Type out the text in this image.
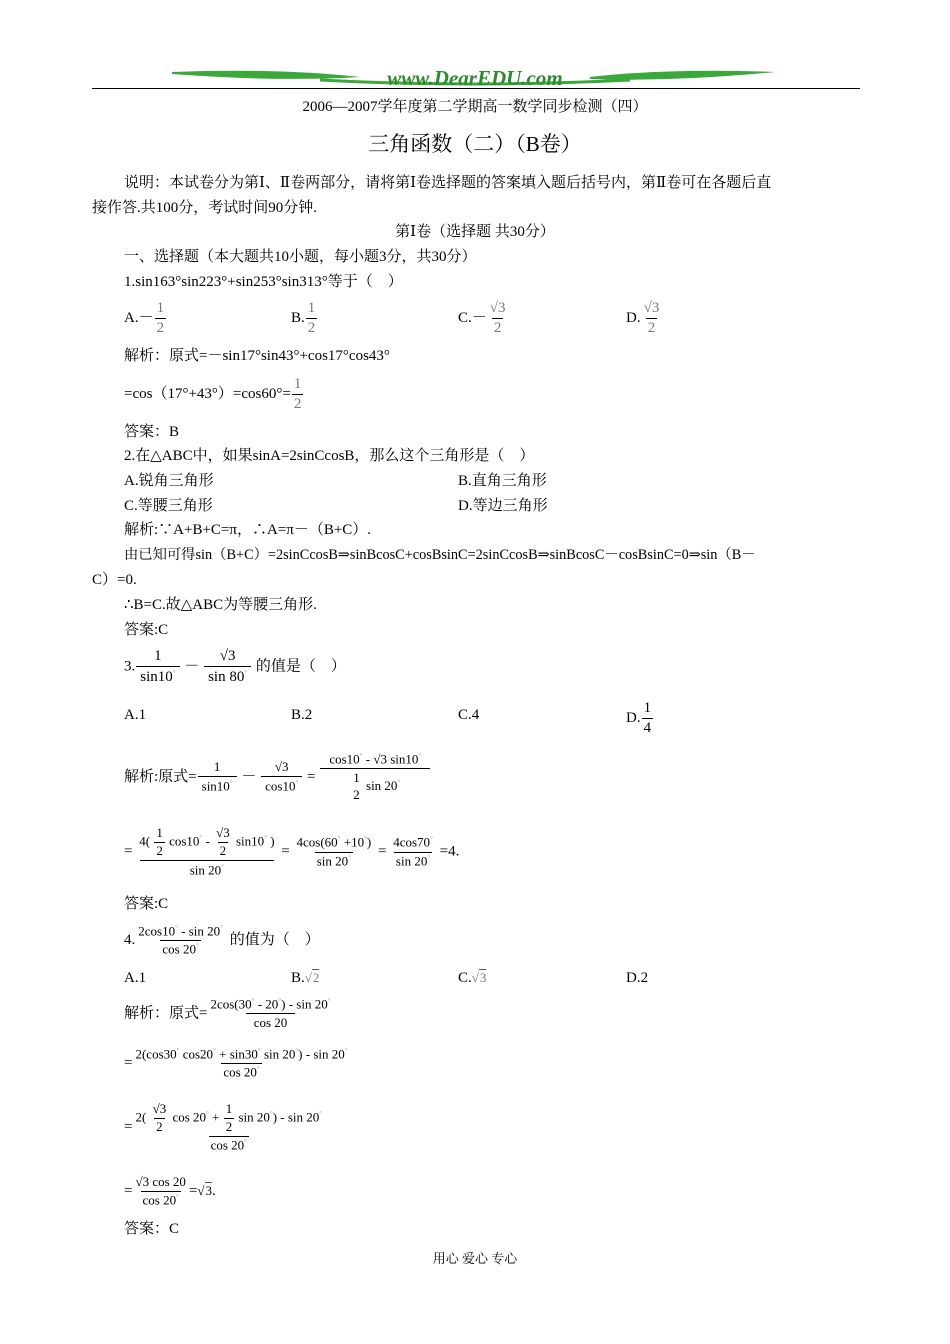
www.DearEDU.com
2006—2007学年度第二学期高一数学同步检测（四）
三角函数（二）（B卷）
说明：本试卷分为第Ⅰ、Ⅱ卷两部分，请将第Ⅰ卷选择题的答案填入题后括号内，第Ⅱ卷可在各题后直
接作答.共100分，考试时间90分钟.
第Ⅰ卷（选择题 共30分）
一、选择题（本大题共10小题，每小题3分，共30分）
1.sin163°sin223°+sin253°sin313°等于（　）
$A.- \frac{1}{2}$	B. $\frac{1}{2}$	$C.- \frac{√3}{2}$	D. $\frac{√3}{2}$
解析：原式=－sin17°sin43°+cos17°cos43°
$=\cos(17^\circ+43^\circ)=\cos 60^\circ= \frac{1}{2}$
答案：B
2.在△ABC中，如果sinA=2sinCcosB，那么这个三角形是（　）
A.锐角三角形	B.直角三角形
C.等腰三角形	D.等边三角形
解析:∵A+B+C=π，∴A=π－（B+C）.
由已知可得sin（B+C）=2sinCcosB⇒sinBcosC+cosBsinC=2sinCcosB⇒sinBcosC－cosBsinC=0⇒sin（B－
C）=0.
∴B=C.故△ABC为等腰三角形.
答案:C
3. $\frac{1}{\sin 10^\circ} - \frac{√3}{\sin 80^\circ}$ 的值是（　）
A.1	B.2	C.4	D. $\frac{1}{4}$
解析:原式= $\frac{1}{\sin 10^\circ} - \frac{√3}{\cos 10^\circ} = \cos 10^\circ - √3$ sin10°
1
2
sin 20°
= $\frac{4( \frac{1}{2} \cos 10^\circ - \frac{√3}{2} \sin 10^\circ )}{\sin 20^\circ} = \frac{4\cos(60^\circ +10^\circ)}{\sin 20^\circ} = \frac{4\cos 70^\circ}{\sin 20^\circ} =4$.
答案:C
4. $\frac{2\cos 10^\circ - \sin 20^\circ}{\cos 20^\circ}$ 的值为（　）
A.1	B.√2	C.√3	D.2
解析：原式= $\frac{2\cos(30^\circ - 20^\circ) - \sin 20^\circ}{\cos 20}$
= $\frac{2(\cos 30^\circ \cos 20^\circ + \sin 30^\circ \sin 20^\circ) - \sin 20^\circ}{\cos 20^\circ}$
= $\frac{2( \frac{√3}{2} \cos 20^\circ + \frac{1}{2} \sin 20^\circ) - \sin 20^\circ}{\cos 20^\circ}$
= $\frac{√3 \cos 20}{\cos 20^\circ} =√3$.
答案：C
用心 爱心 专心
